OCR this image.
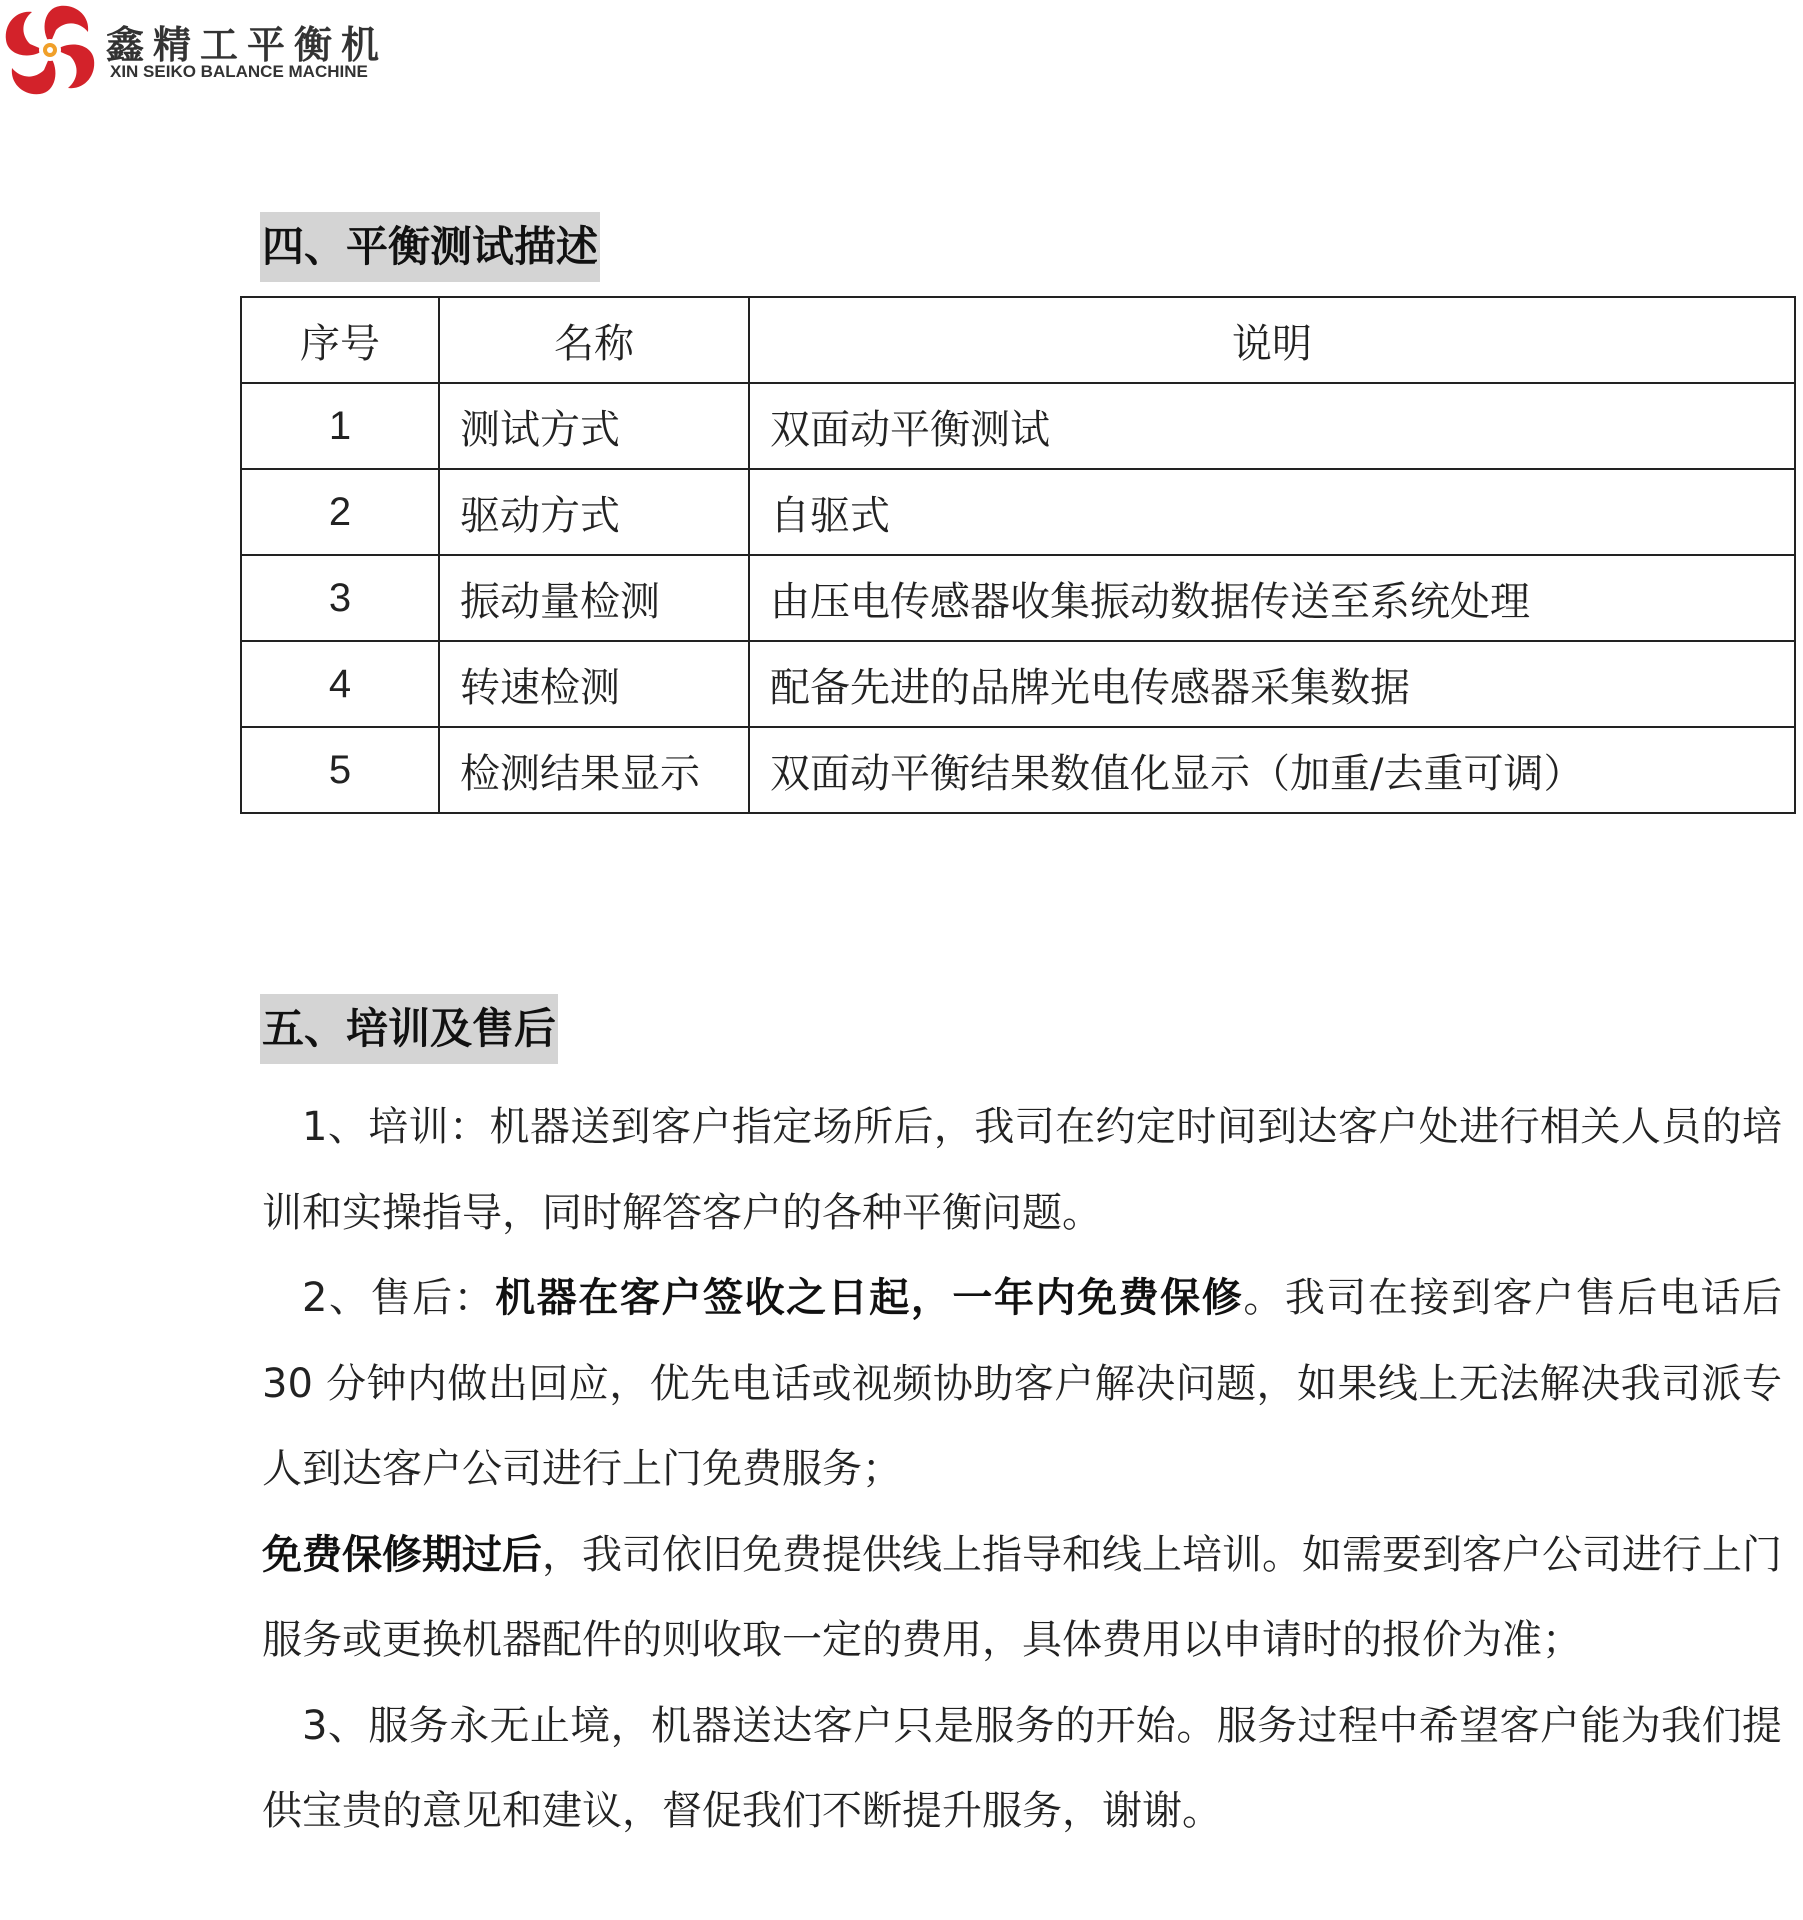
鑫精工平衡机
XIN SEIKO BALANCE MACHINE
四、平衡测试描述
序号	名称	说明
1	测试方式	双面动平衡测试
2	驱动方式	自驱式
3	振动量检测	由压电传感器收集振动数据传送至系统处理
4	转速检测	配备先进的品牌光电传感器采集数据
5	检测结果显示	双面动平衡结果数值化显示（加重/去重可调）
五、培训及售后

1、培训：机器送到客户指定场所后，我司在约定时间到达客户处进行相关人员的培训和实操指导，同时解答客户的各种平衡问题。

2、售后：机器在客户签收之日起，一年内免费保修。我司在接到客户售后电话后 30 分钟内做出回应，优先电话或视频协助客户解决问题，如果线上无法解决我司派专人到达客户公司进行上门免费服务；

免费保修期过后，我司依旧免费提供线上指导和线上培训。如需要到客户公司进行上门服务或更换机器配件的则收取一定的费用，具体费用以申请时的报价为准；

3、服务永无止境，机器送达客户只是服务的开始。服务过程中希望客户能为我们提供宝贵的意见和建议，督促我们不断提升服务，谢谢。
